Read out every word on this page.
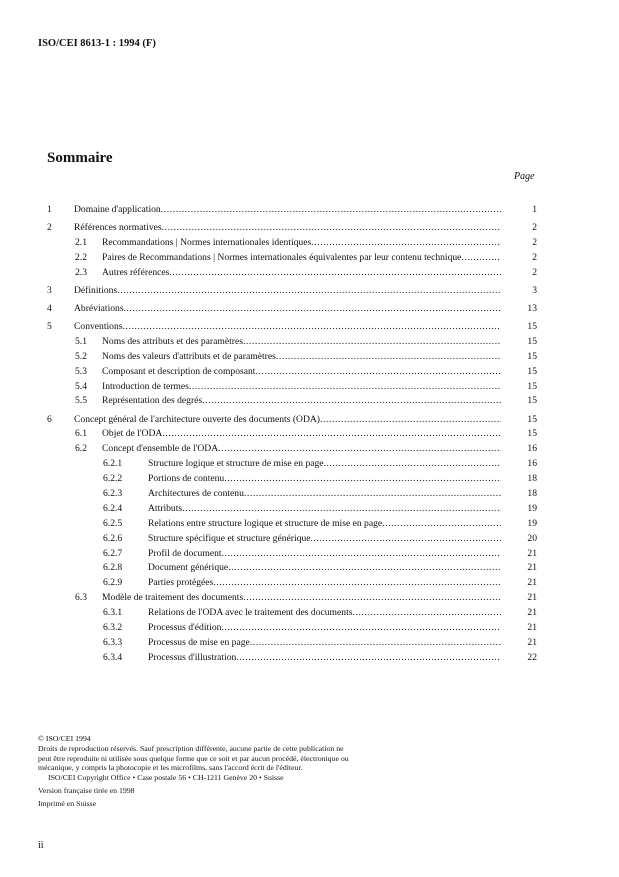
ISO/CEI 8613-1 : 1994 (F)
Sommaire
Page
1 Domaine d'application .....	1
2 Références normatives .....	2
2.1 Recommandations | Normes internationales identiques .....	2
2.2 Paires de Recommandations | Normes internationales équivalentes par leur contenu technique .....	2
2.3 Autres références .....	2
3 Définitions .....	3
4 Abréviations .....	13
5 Conventions .....	15
5.1 Noms des attributs et des paramètres .....	15
5.2 Noms des valeurs d'attributs et de paramètres .....	15
5.3 Composant et description de composant .....	15
5.4 Introduction de termes .....	15
5.5 Représentation des degrés .....	15
6 Concept général de l'architecture ouverte des documents (ODA) .....	15
6.1 Objet de l'ODA .....	15
6.2 Concept d'ensemble de l'ODA .....	16
6.2.1	Structure logique et structure de mise en page .....	16
6.2.2	Portions de contenu .....	18
6.2.3	Architectures de contenu .....	18
6.2.4	Attributs .....	19
6.2.5	Relations entre structure logique et structure de mise en page .....	19
6.2.6	Structure spécifique et structure générique .....	20
6.2.7	Profil de document .....	21
6.2.8	Document générique .....	21
6.2.9	Parties protégées .....	21
6.3 Modèle de traitement des documents .....	21
6.3.1	Relations de l'ODA avec le traitement des documents .....	21
6.3.2	Processus d'édition .....	21
6.3.3	Processus de mise en page .....	21
6.3.4	Processus d'illustration .....	22

© ISO/CEI 1994

Droits de reproduction réservés. Sauf prescription différente, aucune partie de cette publication ne

peut être reproduite ni utilisée sous quelque forme que ce soit et par aucun procédé, électronique ou

mécanique, y compris la photocopie et les microfilms, sans l'accord écrit de l'éditeur.

ISO/CEI Copyright Office • Case postale 56 • CH-1211 Genève 20 • Suisse

Version française tirée en 1998

Imprimé en Suisse

ii
